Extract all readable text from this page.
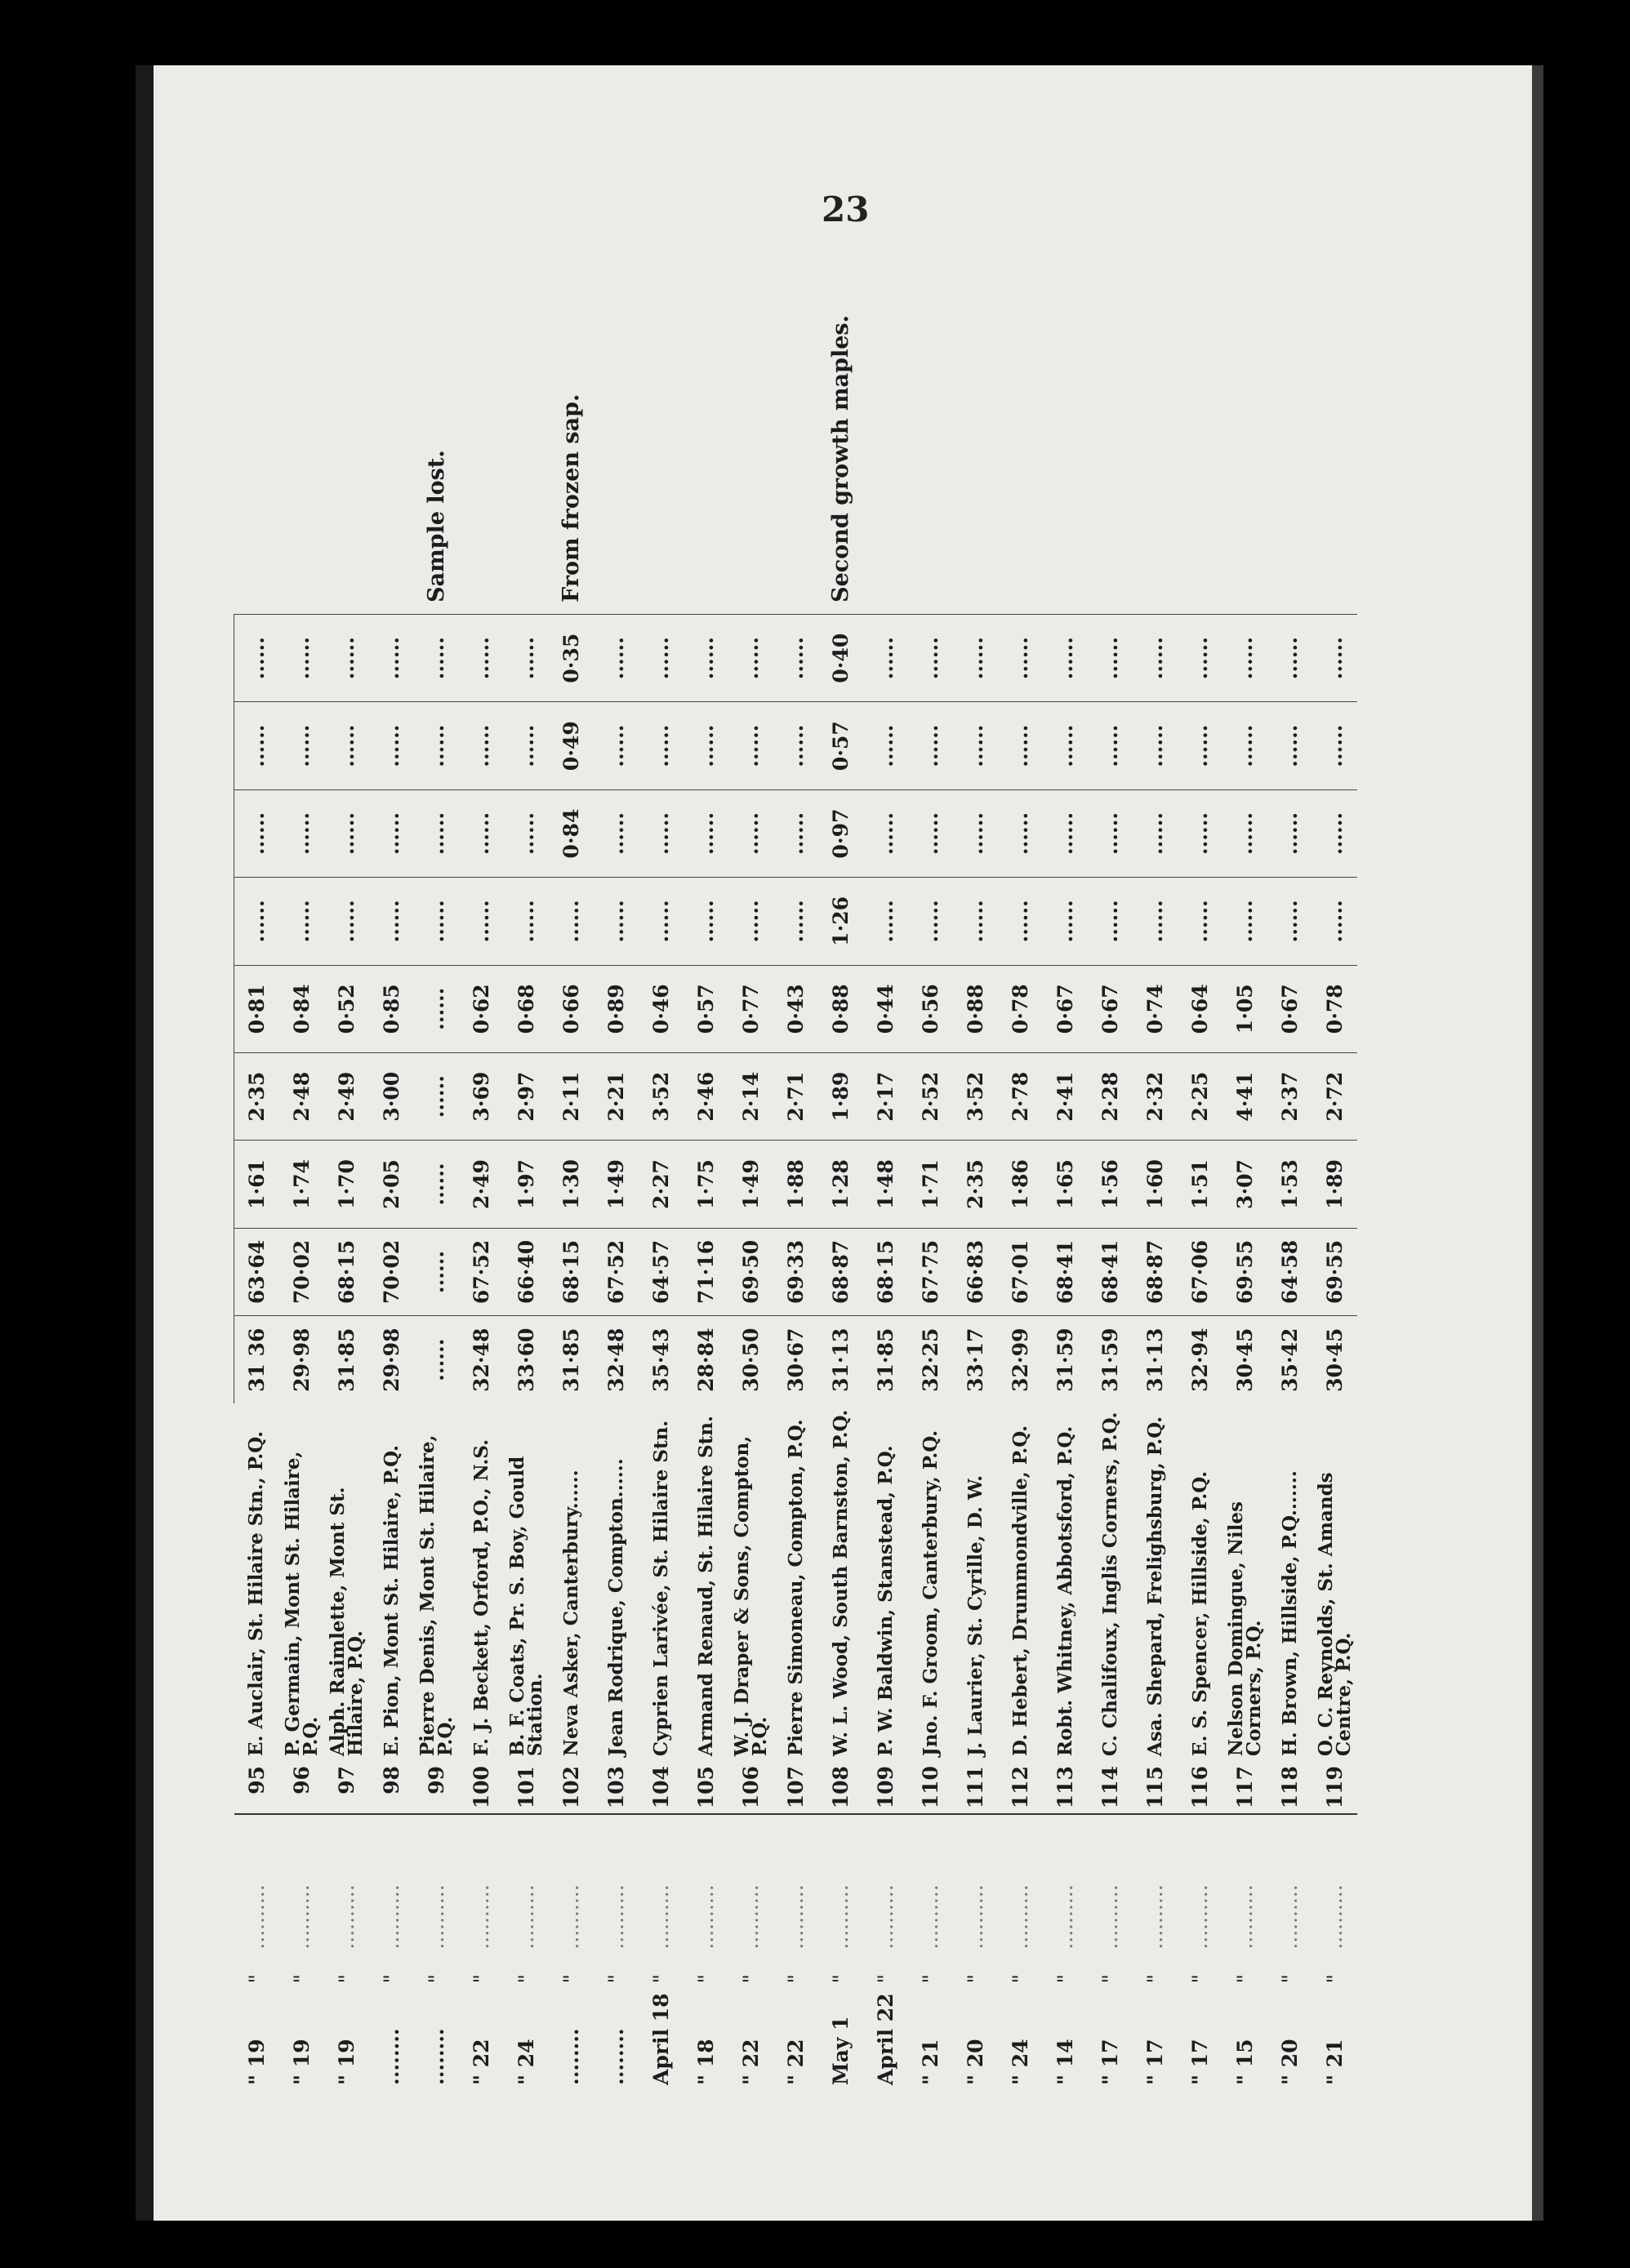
23
" 19	"	..........	95	E. Auclair, St. Hilaire Stn., P.Q.	31 36	63·64	1·61	2·35	0·81	......	......	......	......	
" 19	"	..........	96	P. Germain, Mont St. Hilaire, P.Q.	29·98	70·02	1·74	2·48	0·84	......	......	......	......	
" 19	"	..........	97	Alph. Raimlette, Mont St. Hilaire, P.Q.	31·85	68·15	1·70	2·49	0·52	......	......	......	......	
........	"	..........	98	E. Pion, Mont St. Hilaire, P.Q.	29·98	70·02	2·05	3·00	0·85	......	......	......	......	
........	"	..........	99	Pierre Denis, Mont St. Hilaire, P.Q.	......	......	......	......	......	......	......	......	......	Sample lost.
" 22	"	..........	100	F. J. Beckett, Orford, P.O., N.S.	32·48	67·52	2·49	3·69	0·62	......	......	......	......	
" 24	"	..........	101	B. F. Coats, Pr. S. Boy, Gould Station.	33·60	66·40	1·97	2·97	0·68	......	......	......	......	
........	"	..........	102	Neva Asker, Canterbury......	31·85	68·15	1·30	2·11	0·66	......	0·84	0·49	0·35	From frozen sap.
........	"	..........	103	Jean Rodrique, Compton......	32·48	67·52	1·49	2·21	0·89	......	......	......	......	
April 18	"	..........	104	Cyprien Larivée, St. Hilaire Stn.	35·43	64·57	2·27	3·52	0·46	......	......	......	......	
" 18	"	..........	105	Armand Renaud, St. Hilaire Stn.	28·84	71·16	1·75	2·46	0·57	......	......	......	......	
" 22	"	..........	106	W. J. Draper & Sons, Compton, P.Q.	30·50	69·50	1·49	2·14	0·77	......	......	......	......	
" 22	"	..........	107	Pierre Simoneau, Compton, P.Q.	30·67	69·33	1·88	2·71	0·43	......	......	......	......	
May 1	"	..........	108	W. L. Wood, South Barnston, P.Q.	31·13	68·87	1·28	1·89	0·88	1·26	0·97	0·57	0·40	Second growth maples.
April 22	"	..........	109	P. W. Baldwin, Stanstead, P.Q.	31·85	68·15	1·48	2·17	0·44	......	......	......	......	
" 21	"	..........	110	Jno. F. Groom, Canterbury, P.Q.	32·25	67·75	1·71	2·52	0·56	......	......	......	......	
" 20	"	..........	111	J. Laurier, St. Cyrille, D. W.	33·17	66·83	2·35	3·52	0·88	......	......	......	......	
" 24	"	..........	112	D. Hebert, Drummondville, P.Q.	32·99	67·01	1·86	2·78	0·78	......	......	......	......	
" 14	"	..........	113	Robt. Whitney, Abbotsford, P.Q.	31·59	68·41	1·65	2·41	0·67	......	......	......	......	
" 17	"	..........	114	C. Chalifoux, Inglis Corners, P.Q.	31·59	68·41	1·56	2·28	0·67	......	......	......	......	
" 17	"	..........	115	Asa. Shepard, Frelighsburg, P.Q.	31·13	68·87	1·60	2·32	0·74	......	......	......	......	
" 17	"	..........	116	E. S. Spencer, Hillside, P.Q.	32·94	67·06	1·51	2·25	0·64	......	......	......	......	
" 15	"	..........	117	Nelson Domingue, Niles Corners, P.Q.	30·45	69·55	3·07	4·41	1·05	......	......	......	......	
" 20	"	..........	118	H. Brown, Hillside, P.Q.......	35·42	64·58	1·53	2·37	0·67	......	......	......	......	
" 21	"	..........	119	O. C. Reynolds, St. Amands Centre, P.Q.	30·45	69·55	1·89	2·72	0·78	......	......	......	......	
